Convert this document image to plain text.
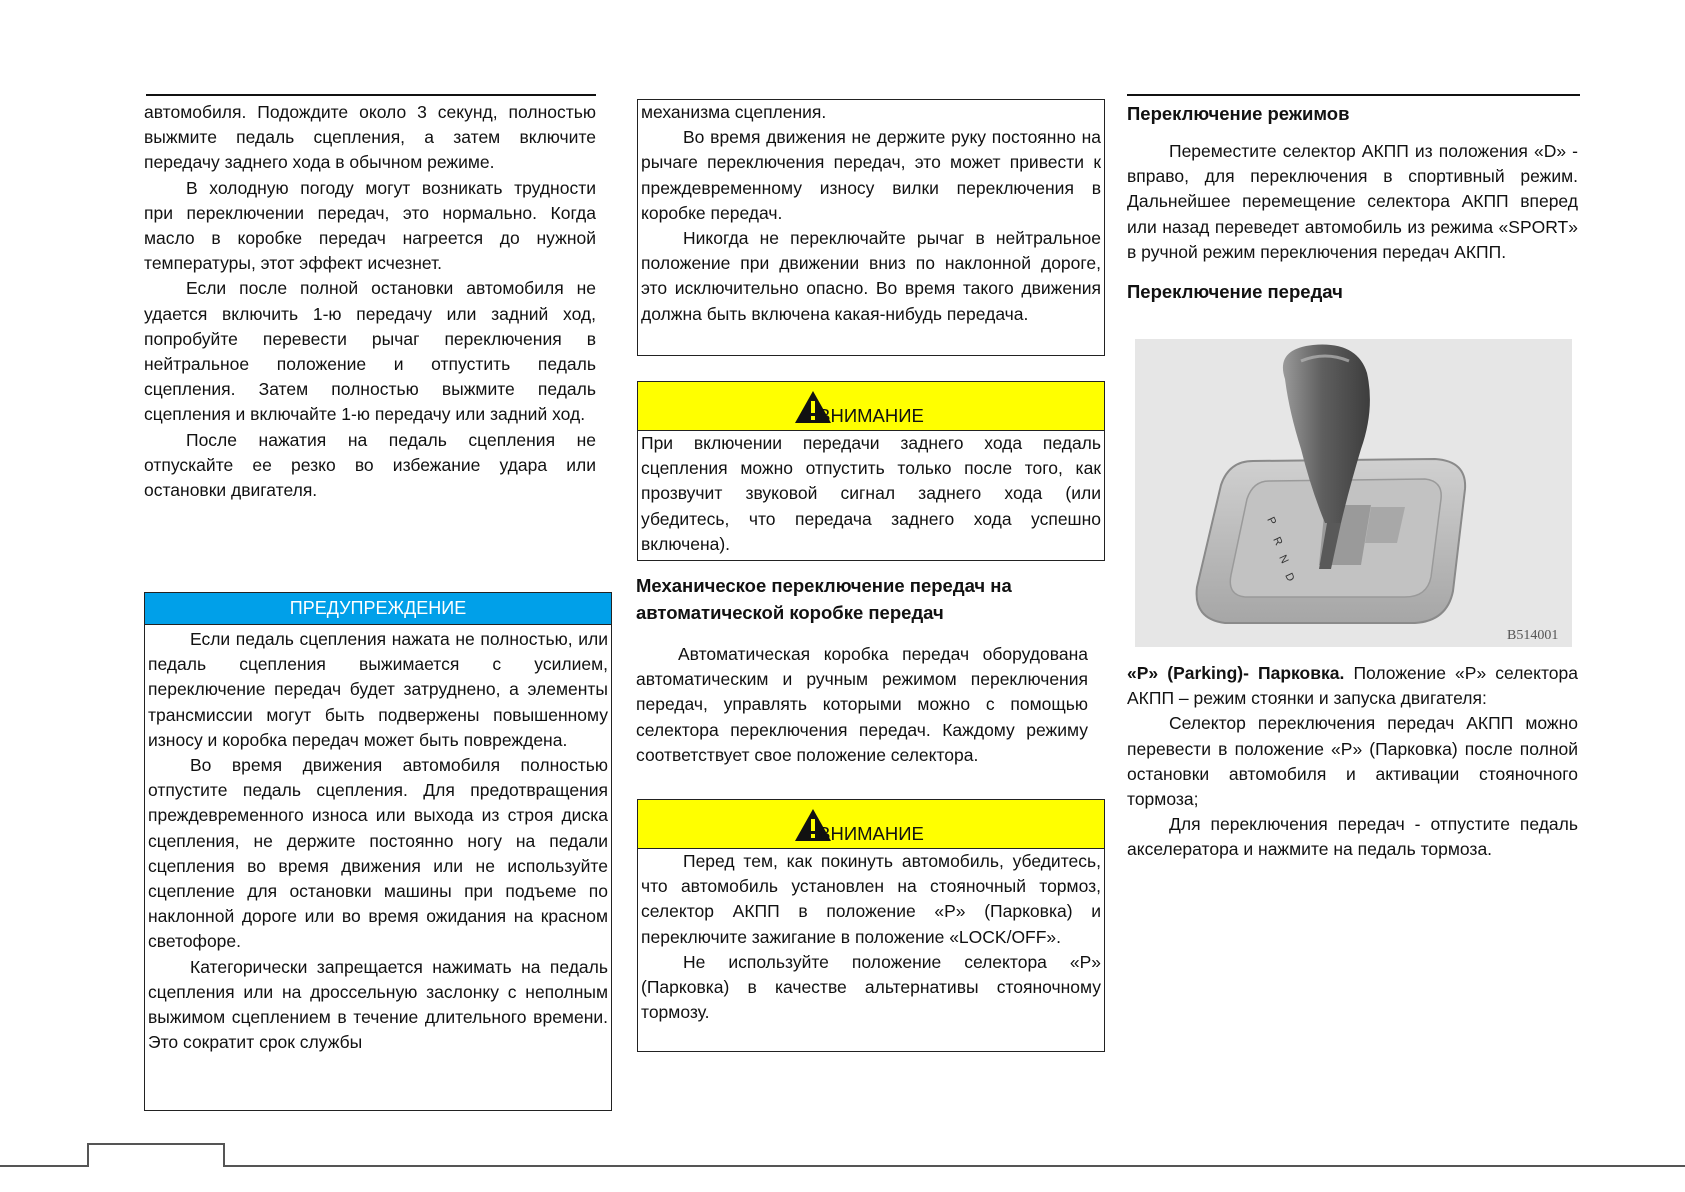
автомобиля. Подождите около 3 секунд, полностью выжмите педаль сцепления, а затем включите передачу заднего хода в обычном режиме.

В холодную погоду могут возникать трудности при переключении передач, это нормально. Когда масло в коробке передач нагреется до нужной температуры, этот эффект исчезнет.

Если после полной остановки автомобиля не удается включить 1-ю передачу или задний ход, попробуйте перевести рычаг переключения в нейтральное положение и отпустить педаль сцепления. Затем полностью выжмите педаль сцепления и включайте 1-ю передачу или задний ход.

После нажатия на педаль сцепления не отпускайте ее резко во избежание удара или остановки двигателя.

ПРЕДУПРЕЖДЕНИЕ

Если педаль сцепления нажата не полностью, или педаль сцепления выжимается с усилием, переключение передач будет затруднено, а элементы трансмиссии могут быть подвержены повышенному износу и коробка передач может быть повреждена.

Во время движения автомобиля полностью отпустите педаль сцепления. Для предотвращения преждевременного износа или выхода из строя диска сцепления, не держите постоянно ногу на педали сцепления во время движения или не используйте сцепление для остановки машины при подъеме по наклонной дороге или во время ожидания на красном светофоре.

Категорически запрещается нажимать на педаль сцепления или на дроссельную заслонку с неполным выжимом сцеплением в течение длительного времени. Это сократит срок службы

механизма сцепления.

Во время движения не держите руку постоянно на рычаге переключения передач, это может привести к преждевременному износу вилки переключения в коробке передач.

Никогда не переключайте рычаг в нейтральное положение при движении вниз по наклонной дороге, это исключительно опасно. Во время такого движения должна быть включена какая-нибудь передача.

ВНИМАНИЕ

При включении передачи заднего хода педаль сцепления можно отпустить только после того, как прозвучит звуковой сигнал заднего хода (или убедитесь, что передача заднего хода успешно включена).

Механическое переключение передач на автоматической коробке передач

Автоматическая коробка передач оборудована автоматическим и ручным режимом переключения передач, управлять которыми можно с помощью селектора переключения передач. Каждому режиму соответствует свое положение селектора.

ВНИМАНИЕ

Перед тем, как покинуть автомобиль, убедитесь, что автомобиль установлен на стояночный тормоз, селектор АКПП в положение «P» (Парковка) и переключите зажигание в положение «LOCK/OFF».

Не используйте положение селектора «P» (Парковка) в качестве альтернативы стояночному тормозу.

Переключение режимов

Переместите селектор АКПП из положения «D» - вправо, для переключения в спортивный режим. Дальнейшее перемещение селектора АКПП вперед или назад переведет автомобиль из режима «SPORT» в ручной режим переключения передач АКПП.

Переключение передач

P
R
N
D
B514001

«P» (Parking)- Парковка. Положение «P» селектора АКПП – режим стоянки и запуска двигателя:

Селектор переключения передач АКПП можно перевести в положение «P» (Парковка) после полной остановки автомобиля и активации стояночного тормоза;

Для переключения передач - отпустите педаль акселератора и нажмите на педаль тормоза.
